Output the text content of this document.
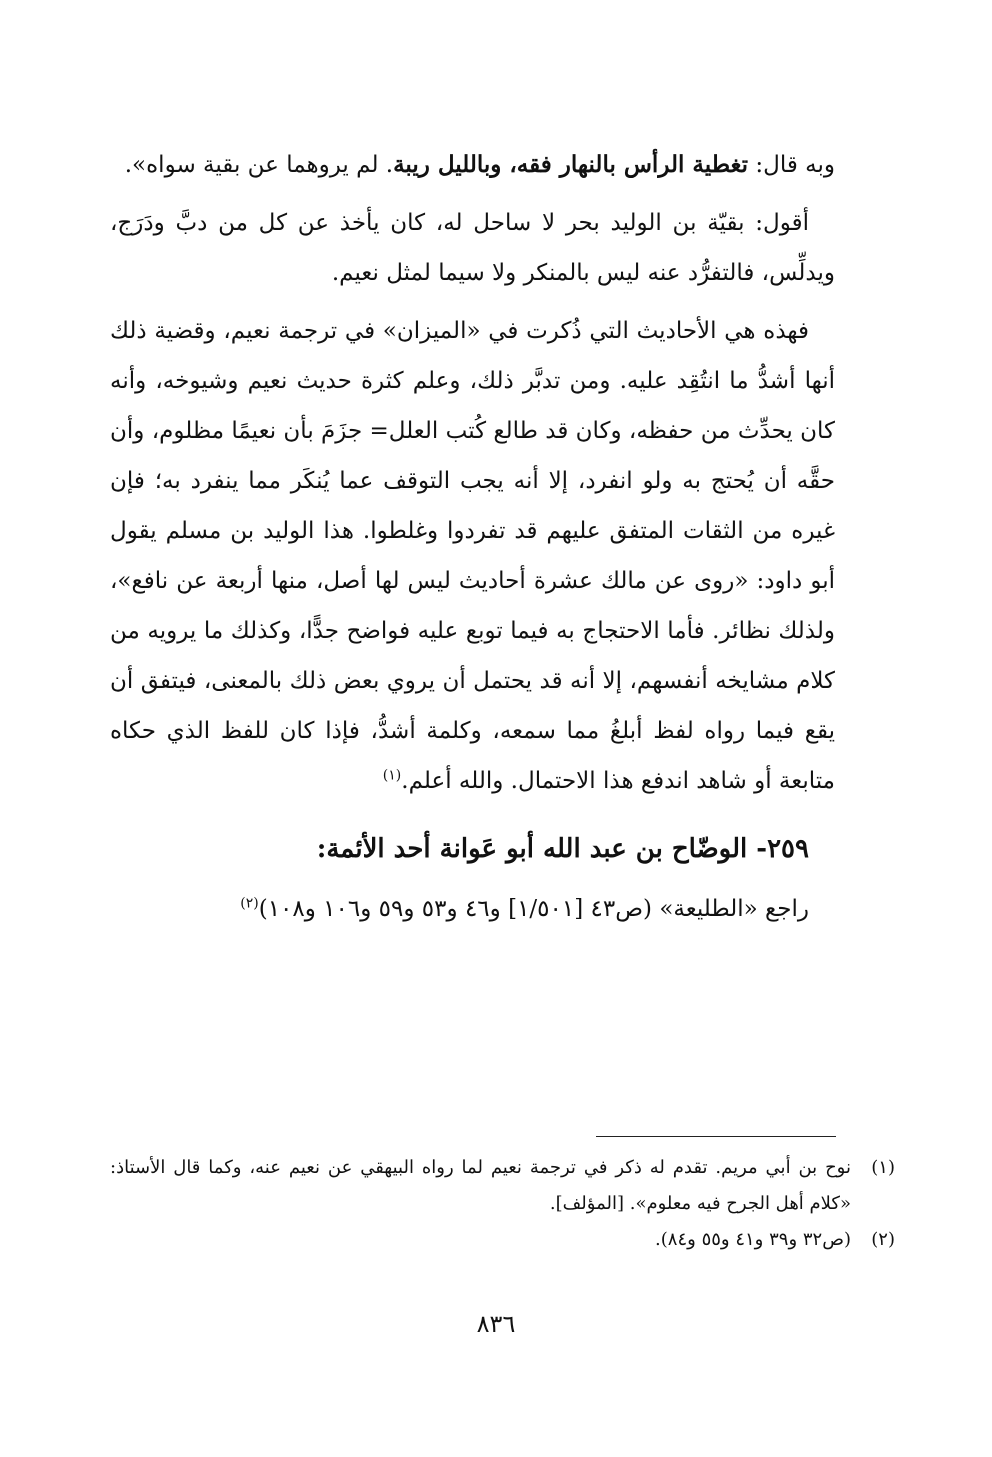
وبه قال: تغطية الرأس بالنهار فقه، وبالليل ريبة. لم يروهما عن بقية سواه».

أقول: بقيّة بن الوليد بحر لا ساحل له، كان يأخذ عن كل من دبَّ ودَرَج، ويدلِّس، فالتفرُّد عنه ليس بالمنكر ولا سيما لمثل نعيم.

فهذه هي الأحاديث التي ذُكرت في «الميزان» في ترجمة نعيم، وقضية ذلك أنها أشدُّ ما انتُقِد عليه. ومن تدبَّر ذلك، وعلم كثرة حديث نعيم وشيوخه، وأنه كان يحدِّث من حفظه، وكان قد طالع كُتب العلل= جزَمَ بأن نعيمًا مظلوم، وأن حقَّه أن يُحتج به ولو انفرد، إلا أنه يجب التوقف عما يُنكَر مما ينفرد به؛ فإن غيره من الثقات المتفق عليهم قد تفردوا وغلطوا. هذا الوليد بن مسلم يقول أبو داود: «روى عن مالك عشرة أحاديث ليس لها أصل، منها أربعة عن نافع»، ولذلك نظائر. فأما الاحتجاج به فيما توبع عليه فواضح جدًّا، وكذلك ما يرويه من كلام مشايخه أنفسهم، إلا أنه قد يحتمل أن يروي بعض ذلك بالمعنى، فيتفق أن يقع فيما رواه لفظ أبلغُ مما سمعه، وكلمة أشدُّ، فإذا كان للفظ الذي حكاه متابعة أو شاهد اندفع هذا الاحتمال. والله أعلم.$^{(١)}$

٢٥٩- الوضّاح بن عبد الله أبو عَوانة أحد الأئمة:

راجع «الطليعة» (ص٤٣ [١/٥٠١] و٤٦ و٥٣ و٥٩ و١٠٦ و١٠٨)$^{(٢)}$

(١)
نوح بن أبي مريم. تقدم له ذكر في ترجمة نعيم لما رواه البيهقي عن نعيم عنه، وكما قال الأستاذ: «كلام أهل الجرح فيه معلوم». [المؤلف].
(٢)
(ص٣٢ و٣٩ و٤١ و٥٥ و٨٤).
٨٣٦
